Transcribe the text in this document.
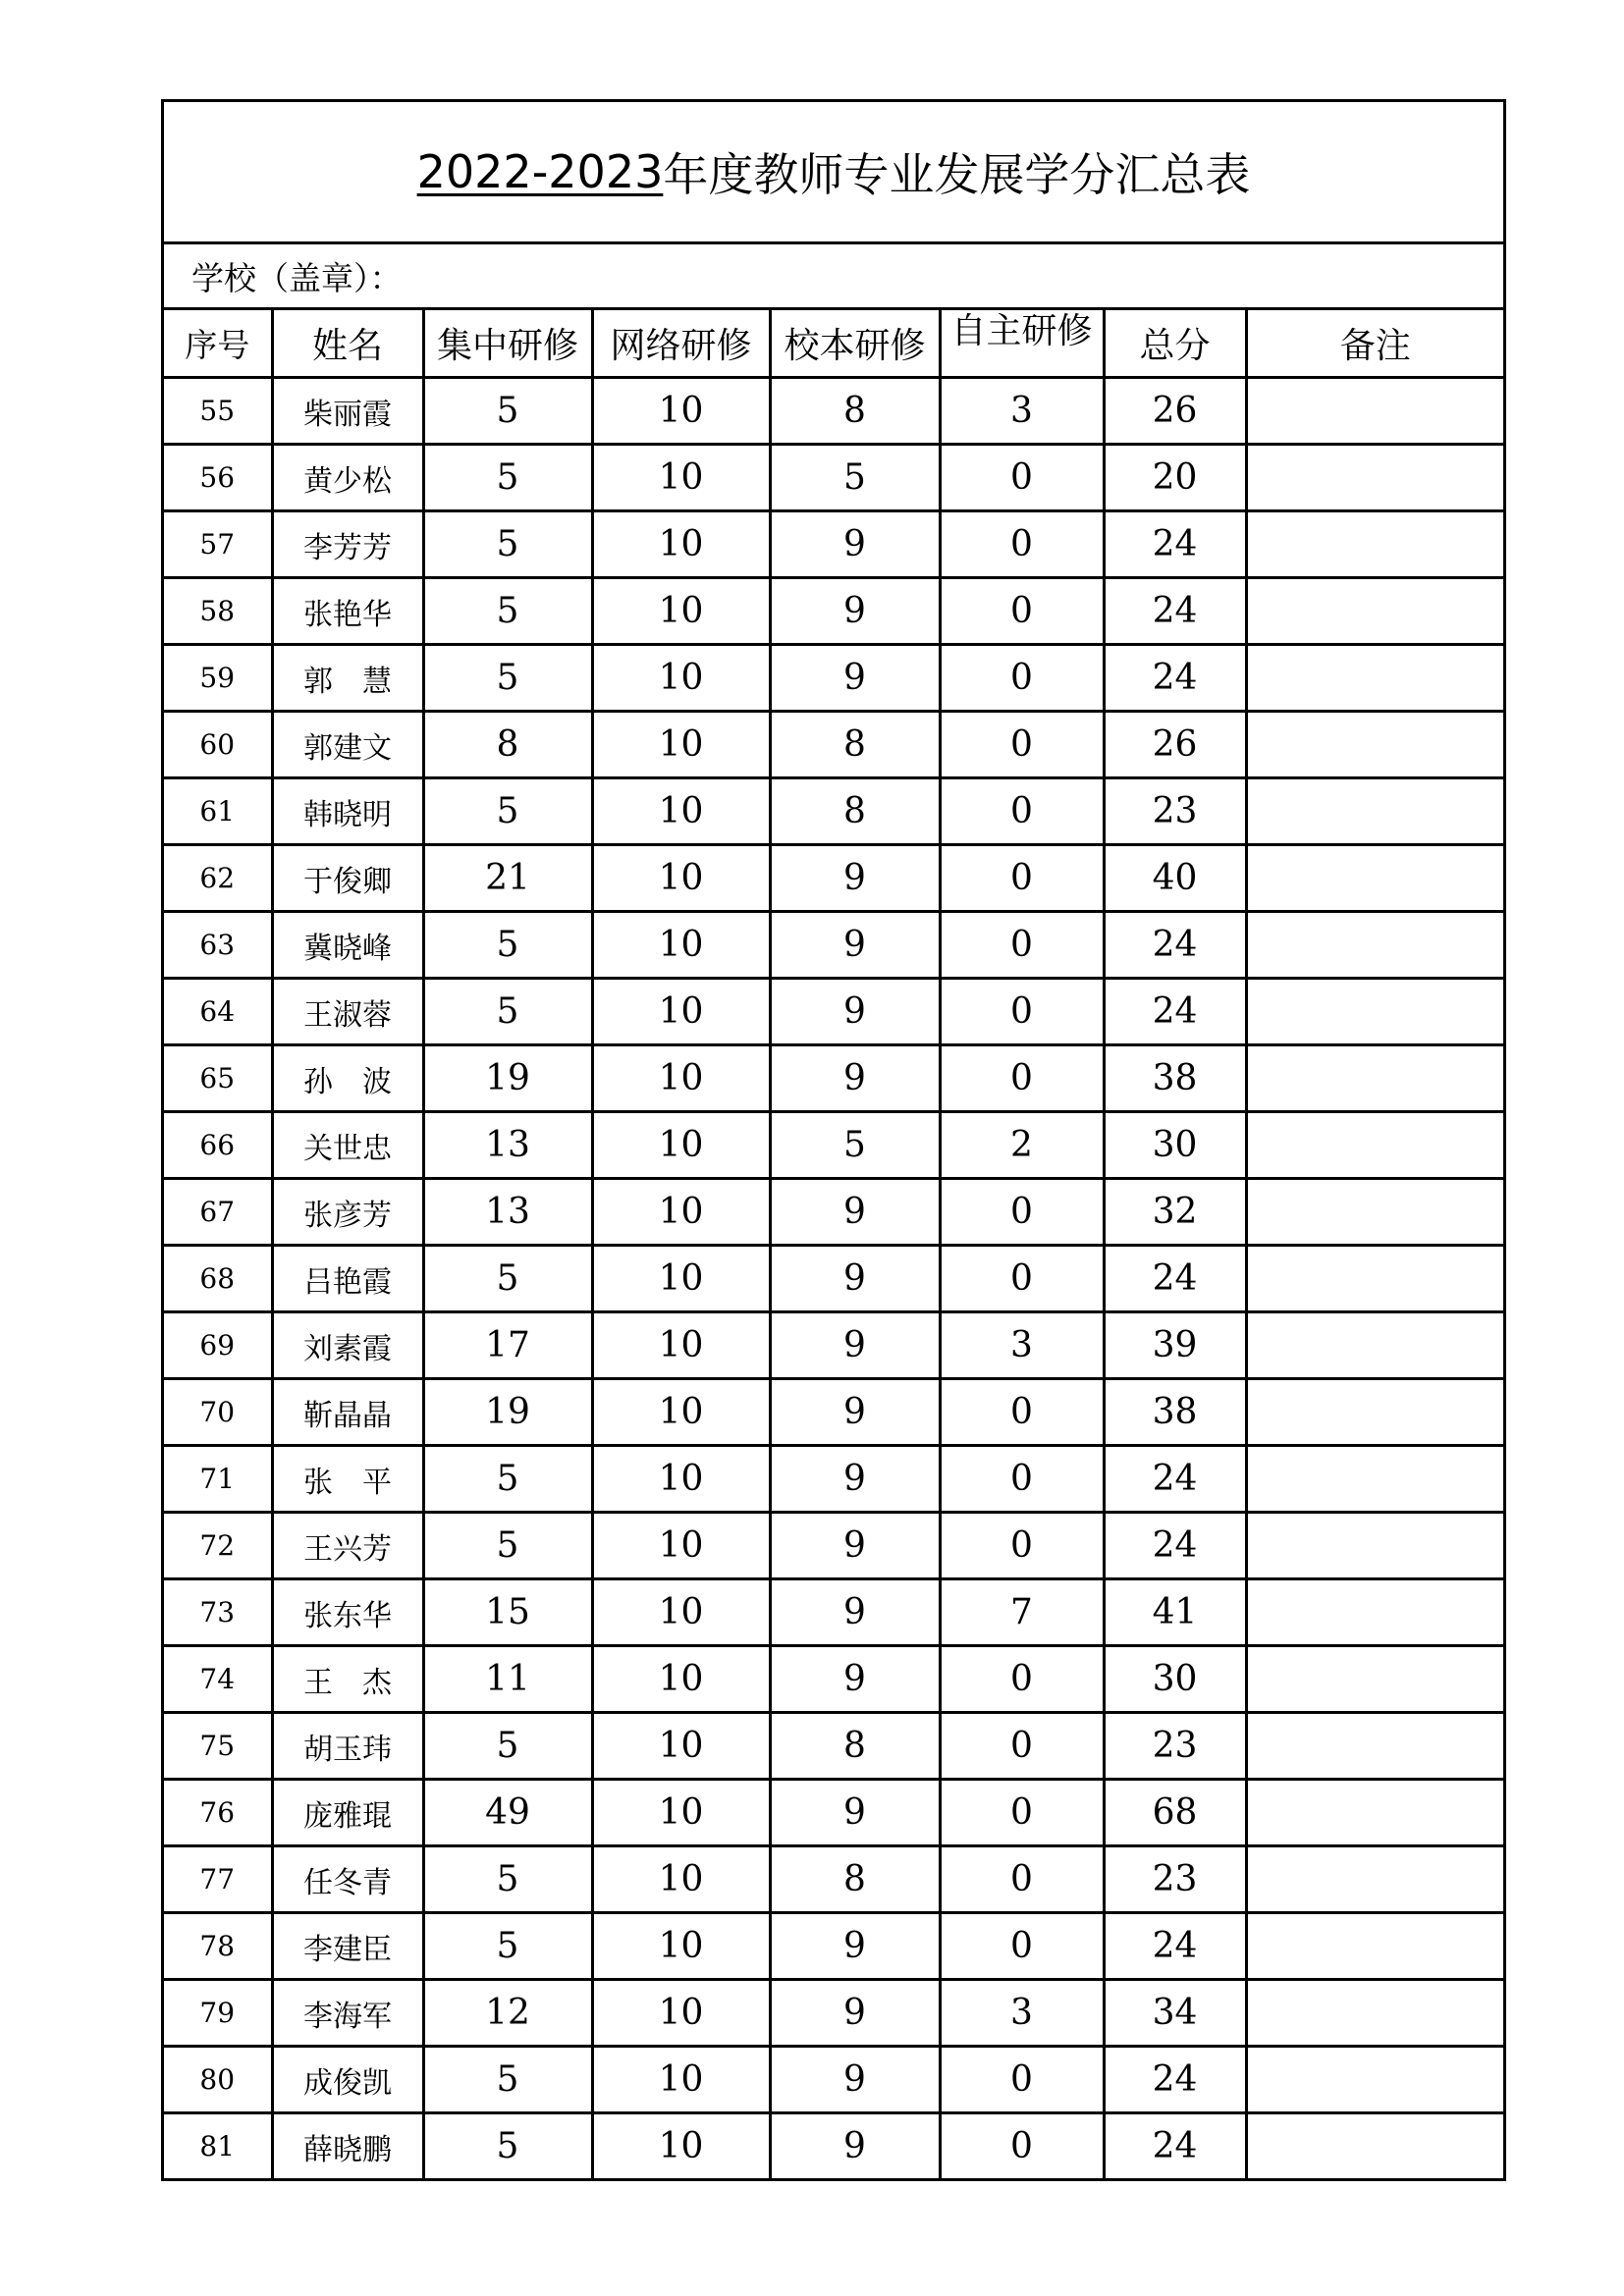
2022-2023 年度教师专业发展学分汇总表
学校（盖章）：
序号	姓名	集中研修	网络研修	校本研修	自主研修	总分	备注
55	柴丽霞	5	10	8	3	26	
56	黄少松	5	10	5	0	20	
57	李芳芳	5	10	9	0	24	
58	张艳华	5	10	9	0	24	
59	郭　慧	5	10	9	0	24	
60	郭建文	8	10	8	0	26	
61	韩晓明	5	10	8	0	23	
62	于俊卿	21	10	9	0	40	
63	冀晓峰	5	10	9	0	24	
64	王淑蓉	5	10	9	0	24	
65	孙　波	19	10	9	0	38	
66	关世忠	13	10	5	2	30	
67	张彦芳	13	10	9	0	32	
68	吕艳霞	5	10	9	0	24	
69	刘素霞	17	10	9	3	39	
70	靳晶晶	19	10	9	0	38	
71	张　平	5	10	9	0	24	
72	王兴芳	5	10	9	0	24	
73	张东华	15	10	9	7	41	
74	王　杰	11	10	9	0	30	
75	胡玉玮	5	10	8	0	23	
76	庞雅琨	49	10	9	0	68	
77	任冬青	5	10	8	0	23	
78	李建臣	5	10	9	0	24	
79	李海军	12	10	9	3	34	
80	成俊凯	5	10	9	0	24	
81	薛晓鹏	5	10	9	0	24	
